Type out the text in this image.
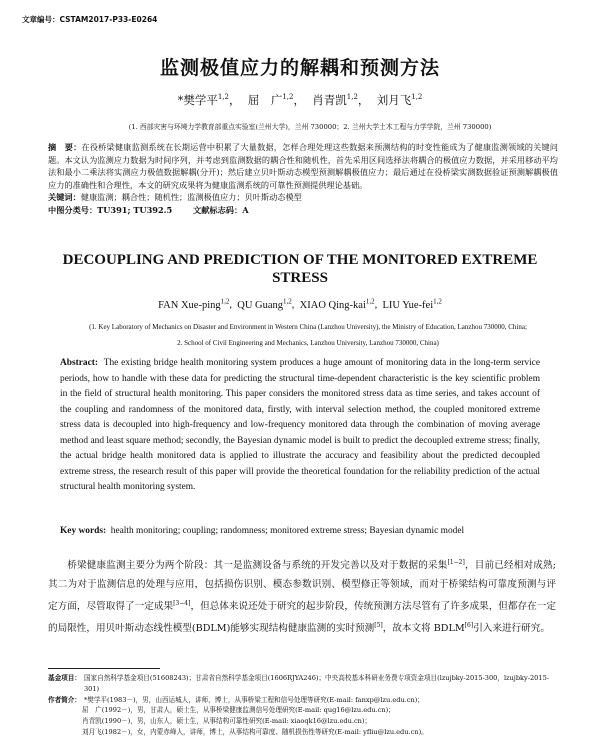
文章编号：CSTAM2017-P33-E0264
监测极值应力的解耦和预测方法
*樊学平$^{1,2}$，  屈　广$^{1,2}$，  肖青凯$^{1,2}$，  刘月飞$^{1,2}$
(1. 西部灾害与环境力学教育部重点实验室(兰州大学)，兰州 730000；2. 兰州大学土木工程与力学学院，兰州 730000)
摘　要：在役桥梁健康监测系统在长期运营中积累了大量数据，怎样合理处理这些数据来预测结构的时变性能成为了健康监测领域的关键问题。本文认为监测应力数据为时间序列，并考虑到监测数据的耦合性和随机性，首先采用区间选择法将耦合的极值应力数据，并采用移动平均法和最小二乘法将实测应力极值数据解耦(分开)；然后建立贝叶斯动态模型预测解耦极值应力；最后通过在役桥梁实测数据验证预测解耦极值应力的准确性和合理性，本文的研究成果将为健康监测系统的可靠性预测提供理论基础。
关键词：健康监测；耦合性；随机性；监测极值应力；贝叶斯动态模型
中图分类号：TU391; TU392.5	文献标志码：A
DECOUPLING AND PREDICTION OF THE MONITORED EXTREME STRESS
FAN Xue-ping$^{1,2}$,  QU Guang$^{1,2}$,  XIAO Qing-kai$^{1,2}$,  LIU Yue-fei$^{1,2}$
(1. Key Laboratory of Mechanics on Disaster and Environment in Western China (Lanzhou University), the Ministry of Education, Lanzhou 730000, China;
2. School of Civil Engineering and Mechanics, Lanzhou University, Lanzhou 730000, China)
Abstract: The existing bridge health monitoring system produces a huge amount of monitoring data in the long-term service periods, how to handle with these data for predicting the structural time-dependent characteristic is the key scientific problem in the field of structural health monitoring. This paper considers the monitored stress data as time series, and takes account of the coupling and randomness of the monitored data, firstly, with interval selection method, the coupled monitored extreme stress data is decoupled into high-frequency and low-frequency monitored data through the combination of moving average method and least square method; secondly, the Bayesian dynamic model is built to predict the decoupled extreme stress; finally, the actual bridge health monitored data is applied to illustrate the accuracy and feasibility about the predicted decoupled extreme stress, the research result of this paper will provide the theoretical foundation for the reliability prediction of the actual structural health monitoring system.
Key words: health monitoring; coupling; randomness; monitored extreme stress; Bayesian dynamic model
桥梁健康监测主要分为两个阶段：其一是监测设备与系统的开发完善以及对于数据的采集[1−2]，目前已经相对成熟;其二为对于监测信息的处理与应用，包括损伤识别、模态参数识别、模型修正等领域，而对于桥梁结构可靠度预测与评定方面，尽管取得了一定成果[3−4]，但总体来说还处于研究的起步阶段，传统预测方法尽管有了许多成果，但都存在一定的局限性，用贝叶斯动态线性模型(BDLM)能够实现结构健康监测的实时预测[5]，故本文将 BDLM[6]引入来进行研究。
基金项目： 国家自然科学基金项目(51608243)；甘肃省自然科学基金项目(1606RJYA246)；中央高校基本科研业务费专项资金项目(lzujbky-2015-300，lzujbky-2015-301)
作者简介： *樊学平(1983－)，男，山西运城人，讲师，博士，从事桥梁工程和信号处理等研究(E-mail: fanxp@lzu.edu.cn)；
屈　广(1992－)，男，甘肃人，硕士生，从事桥梁健康监测信号处理研究(E-mail: qug16@lzu.edu.cn)；
肖青凯(1990－)，男，山东人，硕士生，从事结构可靠性研究(E-mail: xiaoqk16@lzu.edu.cn)；
刘月飞(1982－)，女，内蒙赤峰人，讲师，博士，从事结构可靠度、随机损伤性等研究(E-mail: yfliu@lzu.edu.cn)。
